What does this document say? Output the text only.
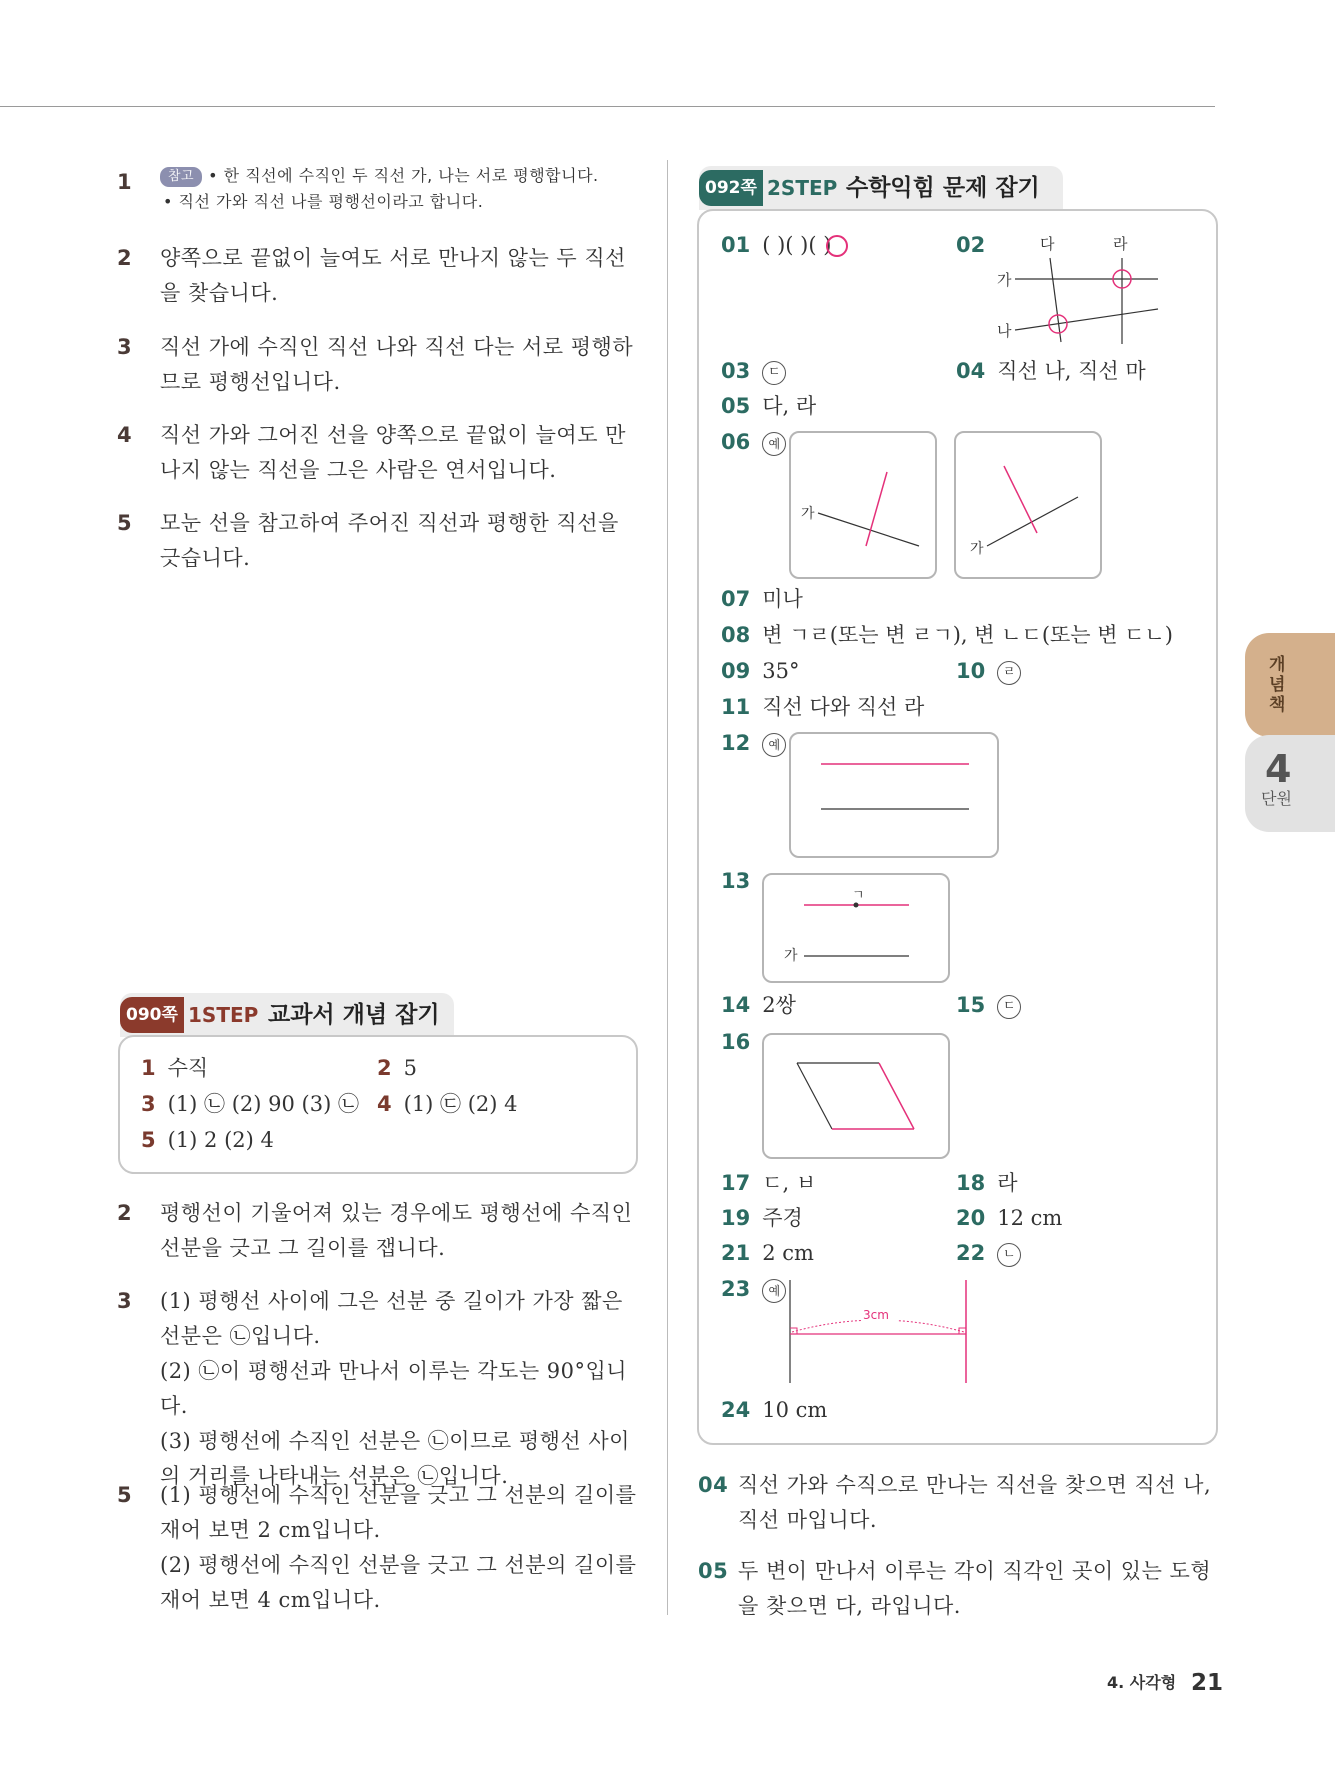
1	참고 • 한 직선에 수직인 두 직선 가, 나는 서로 평행합니다.
• 직선 가와 직선 나를 평행선이라고 합니다.
2 양쪽으로 끝없이 늘여도 서로 만나지 않는 두 직선을 찾습니다.
3 직선 가에 수직인 직선 나와 직선 다는 서로 평행하므로 평행선입니다.
4 직선 가와 그어진 선을 양쪽으로 끝없이 늘여도 만나지 않는 직선을 그은 사람은 연서입니다.
5 모눈 선을 참고하여 주어진 직선과 평행한 직선을 긋습니다.
090쪽 1STEP 교과서 개념 잡기
1 수직	2 5
3 (1) ㉡ (2) 90 (3) ㉡ 4 (1) ㉢ (2) 4
5 (1) 2 (2) 4
2 평행선이 기울어져 있는 경우에도 평행선에 수직인 선분을 긋고 그 길이를 잽니다.
3 (1) 평행선 사이에 그은 선분 중 길이가 가장 짧은 선분은 ㉡입니다.
(2) ㉡이 평행선과 만나서 이루는 각도는 90°입니다.
(3) 평행선에 수직인 선분은 ㉡이므로 평행선 사이의 거리를 나타내는 선분은 ㉡입니다.
5 (1) 평행선에 수직인 선분을 긋고 그 선분의 길이를 재어 보면 2 cm입니다.
(2) 평행선에 수직인 선분을 긋고 그 선분의 길이를 재어 보면 4 cm입니다.
092쪽 2STEP 수학익힘 문제 잡기
01 ( )( )( )	02	다	라
가
나
03 ㄷ	04 직선 나, 직선 마
05 다, 라
06 예
가
가
07 미나
08 변 ㄱㄹ(또는 변 ㄹㄱ), 변 ㄴㄷ(또는 변 ㄷㄴ)
09 35°	10 ㄹ
11 직선 다와 직선 라
12 예
13
ㄱ
가
14 2쌍	15 ㄷ
16
17 ㄷ, ㅂ	18 라
19 주경	20 12 cm
21 2 cm	22 ㄴ
23 예
3cm
24 10 cm
04 직선 가와 수직으로 만나는 직선을 찾으면 직선 나, 직선 마입니다.
05 두 변이 만나서 이루는 각이 직각인 곳이 있는 도형을 찾으면 다, 라입니다.
개념책
4
단원
4. 사각형 21
